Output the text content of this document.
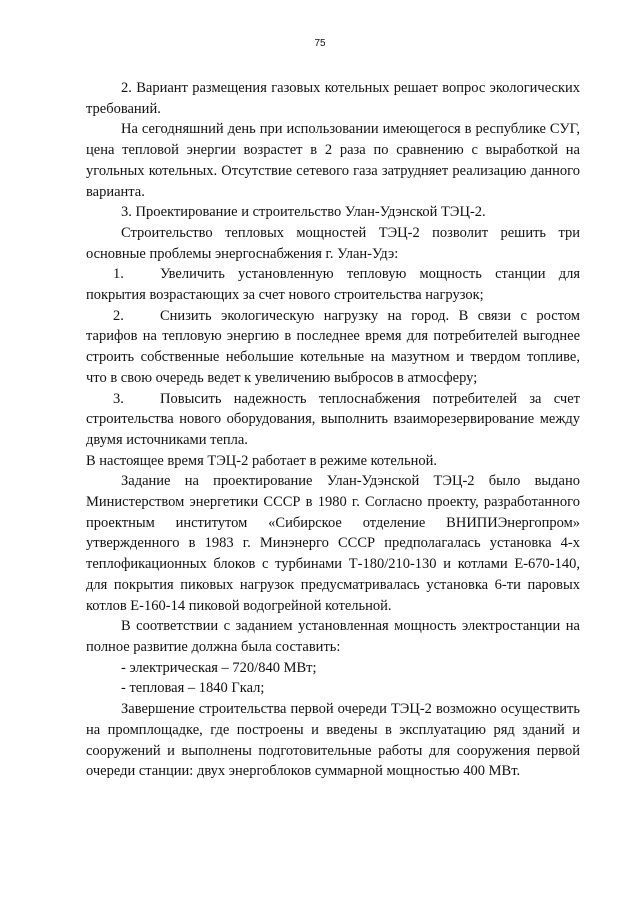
75

2. Вариант размещения газовых котельных решает вопрос экологических требований.

На сегодняшний день при использовании имеющегося в республике СУГ, цена тепловой энергии возрастет в 2 раза по сравнению с выработкой на угольных котельных. Отсутствие сетевого газа затрудняет реализацию данного варианта.

3. Проектирование и строительство Улан-Удэнской ТЭЦ-2.

Строительство тепловых мощностей ТЭЦ-2 позволит решить три основные проблемы энергоснабжения г. Улан-Удэ:

1. Увеличить установленную тепловую мощность станции для покрытия возрастающих за счет нового строительства нагрузок;

2. Снизить экологическую нагрузку на город. В связи с ростом тарифов на тепловую энергию в последнее время для потребителей выгоднее строить собственные небольшие котельные на мазутном и твердом топливе, что в свою очередь ведет к увеличению выбросов в атмосферу;

3. Повысить надежность теплоснабжения потребителей за счет строительства нового оборудования, выполнить взаиморезервирование между двумя источниками тепла.

В настоящее время ТЭЦ-2 работает в режиме котельной.

Задание на проектирование Улан-Удэнской ТЭЦ-2 было выдано Министерством энергетики СССР в 1980 г. Согласно проекту, разработанного проектным институтом «Сибирское отделение ВНИПИЭнергопром» утвержденного в 1983 г. Минэнерго СССР предполагалась установка 4-х теплофикационных блоков с турбинами Т-180/210-130 и котлами Е-670-140, для покрытия пиковых нагрузок предусматривалась установка 6-ти паровых котлов Е-160-14 пиковой водогрейной котельной.

В соответствии с заданием установленная мощность электростанции на полное развитие должна была составить:

- электрическая – 720/840 МВт;

- тепловая – 1840 Гкал;

Завершение строительства первой очереди ТЭЦ-2 возможно осуществить на промплощадке, где построены и введены в эксплуатацию ряд зданий и сооружений и выполнены подготовительные работы для сооружения первой очереди станции: двух энергоблоков суммарной мощностью 400 МВт.
